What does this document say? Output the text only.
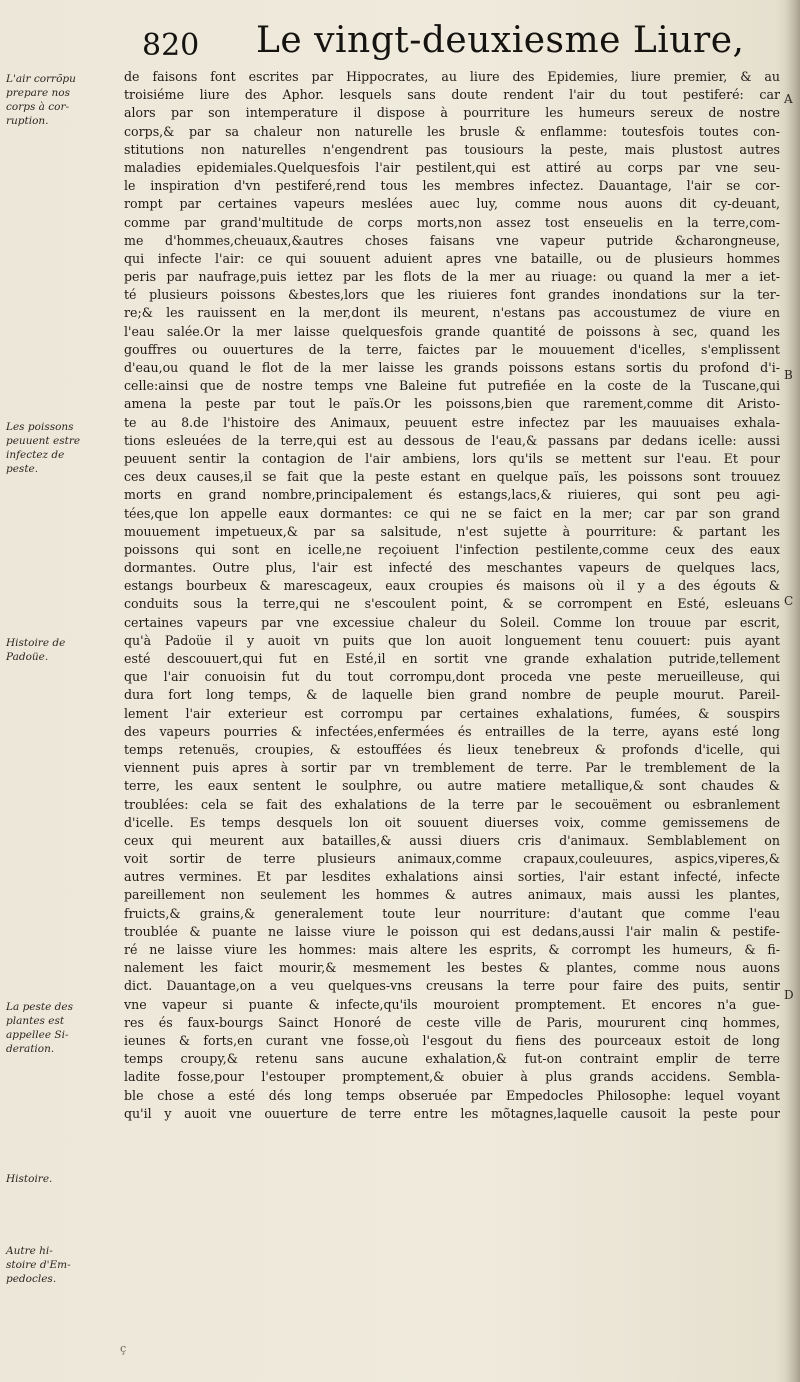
820 Le vingt-deuxiesme Liure,
L'air corrõpu
prepare nos
corps à cor-
ruption.
Les poissons
peuuent estre
infectez de
peste.
Histoire de
Padoüe.
La peste des
plantes est
appellee Si-
deration.
Histoire.
Autre hi-
stoire d'Em-
pedocles.
A
B
C
D
de faisons font escrites par Hippocrates, au liure des Epidemies, liure premier, & au
troisiéme liure des Aphor. lesquels sans doute rendent l'air du tout pestiferé: car
alors par son intemperature il dispose à pourriture les humeurs sereux de nostre
corps,& par sa chaleur non naturelle les brusle & enflamme: toutesfois toutes con-
stitutions non naturelles n'engendrent pas tousiours la peste, mais plustost autres
maladies epidemiales.Quelquesfois l'air pestilent,qui est attiré au corps par vne seu-
le inspiration d'vn pestiferé,rend tous les membres infectez. Dauantage, l'air se cor-
rompt par certaines vapeurs meslées auec luy, comme nous auons dit cy-deuant,
comme par grand'multitude de corps morts,non assez tost enseuelis en la terre,com-
me d'hommes,cheuaux,&autres choses faisans vne vapeur putride &charongneuse,
qui infecte l'air: ce qui souuent aduient apres vne bataille, ou de plusieurs hommes
peris par naufrage,puis iettez par les flots de la mer au riuage: ou quand la mer a iet-
té plusieurs poissons &bestes,lors que les riuieres font grandes inondations sur la ter-
re;& les rauissent en la mer,dont ils meurent, n'estans pas accoustumez de viure en
l'eau salée.Or la mer laisse quelquesfois grande quantité de poissons à sec, quand les
gouffres ou ouuertures de la terre, faictes par le mouuement d'icelles, s'emplissent
d'eau,ou quand le flot de la mer laisse les grands poissons estans sortis du profond d'i-
celle:ainsi que de nostre temps vne Baleine fut putrefiée en la coste de la Tuscane,qui
amena la peste par tout le païs.Or les poissons,bien que rarement,comme dit Aristo-
te au 8.de l'histoire des Animaux, peuuent estre infectez par les mauuaises exhala-
tions esleuées de la terre,qui est au dessous de l'eau,& passans par dedans icelle: aussi
peuuent sentir la contagion de l'air ambiens, lors qu'ils se mettent sur l'eau. Et pour
ces deux causes,il se fait que la peste estant en quelque païs, les poissons sont trouuez
morts en grand nombre,principalement és estangs,lacs,& riuieres, qui sont peu agi-
tées,que lon appelle eaux dormantes: ce qui ne se faict en la mer; car par son grand
mouuement impetueux,& par sa salsitude, n'est sujette à pourriture: & partant les
poissons qui sont en icelle,ne reçoiuent l'infection pestilente,comme ceux des eaux
dormantes. Outre plus, l'air est infecté des meschantes vapeurs de quelques lacs,
estangs bourbeux & marescageux, eaux croupies és maisons où il y a des égouts &
conduits sous la terre,qui ne s'escoulent point, & se corrompent en Esté, esleuans
certaines vapeurs par vne excessiue chaleur du Soleil. Comme lon trouue par escrit,
qu'à Padoüe il y auoit vn puits que lon auoit longuement tenu couuert: puis ayant
esté descouuert,qui fut en Esté,il en sortit vne grande exhalation putride,tellement
que l'air conuoisin fut du tout corrompu,dont proceda vne peste merueilleuse, qui
dura fort long temps, & de laquelle bien grand nombre de peuple mourut. Pareil-
lement l'air exterieur est corrompu par certaines exhalations, fumées, & souspirs
des vapeurs pourries & infectées,enfermées és entrailles de la terre, ayans esté long
temps retenuës, croupies, & estouffées és lieux tenebreux & profonds d'icelle, qui
viennent puis apres à sortir par vn tremblement de terre. Par le tremblement de la
terre, les eaux sentent le soulphre, ou autre matiere metallique,& sont chaudes &
troublées: cela se fait des exhalations de la terre par le secouëment ou esbranlement
d'icelle. Es temps desquels lon oit souuent diuerses voix, comme gemissemens de
ceux qui meurent aux batailles,& aussi diuers cris d'animaux. Semblablement on
voit sortir de terre plusieurs animaux,comme crapaux,couleuures, aspics,viperes,&
autres vermines. Et par lesdites exhalations ainsi sorties, l'air estant infecté, infecte
pareillement non seulement les hommes & autres animaux, mais aussi les plantes,
fruicts,& grains,& generalement toute leur nourriture: d'autant que comme l'eau
troublée & puante ne laisse viure le poisson qui est dedans,aussi l'air malin & pestife-
ré ne laisse viure les hommes: mais altere les esprits, & corrompt les humeurs, & fi-
nalement les faict mourir,& mesmement les bestes & plantes, comme nous auons
dict. Dauantage,on a veu quelques-vns creusans la terre pour faire des puits, sentir
vne vapeur si puante & infecte,qu'ils mouroient promptement. Et encores n'a gue-
res és faux-bourgs Sainct Honoré de ceste ville de Paris, moururent cinq hommes,
ieunes & forts,en curant vne fosse,où l'esgout du fiens des pourceaux estoit de long
temps croupy,& retenu sans aucune exhalation,& fut-on contraint emplir de terre
ladite fosse,pour l'estouper promptement,& obuier à plus grands accidens. Sembla-
ble chose a esté dés long temps obseruée par Empedocles Philosophe: lequel voyant
qu'il y auoit vne ouuerture de terre entre les mõtagnes,laquelle causoit la peste pour
ç
